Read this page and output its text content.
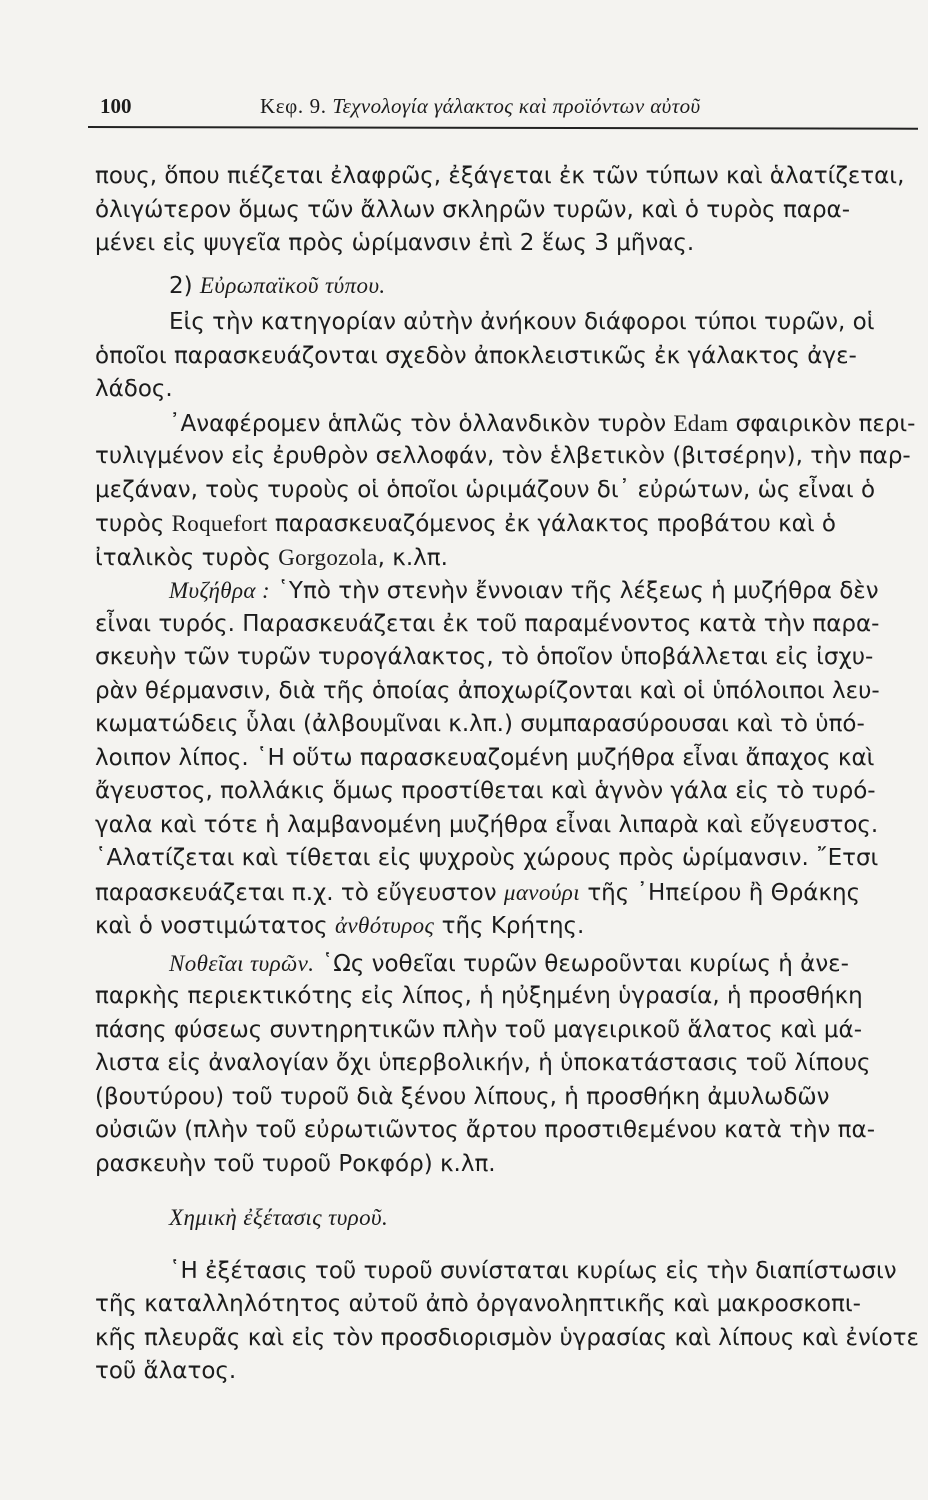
100	Κεφ. 9. Τεχνολογία γάλακτος καὶ προϊόντων αὐτοῦ
πους, ὅπου πιέζεται ἐλαφρῶς, ἐξάγεται ἐκ τῶν τύπων καὶ ἁλατίζεται,
ὀλιγώτερον ὅμως τῶν ἄλλων σκληρῶν τυρῶν, καὶ ὁ τυρὸς παρα-
μένει εἰς ψυγεῖα πρὸς ὡρίμανσιν ἐπὶ 2 ἕως 3 μῆνας.
2) Εὐρωπαϊκοῦ τύπου.
Εἰς τὴν κατηγορίαν αὐτὴν ἀνήκουν διάφοροι τύποι τυρῶν, οἱ
ὁποῖοι παρασκευάζονται σχεδὸν ἀποκλειστικῶς ἐκ γάλακτος ἀγε-
λάδος.
᾿Αναφέρομεν ἁπλῶς τὸν ὁλλανδικὸν τυρὸν Edam σφαιρικὸν περι-
τυλιγμένον εἰς ἐρυθρὸν σελλοφάν, τὸν ἑλβετικὸν (βιτσέρην), τὴν παρ-
μεζάναν, τοὺς τυροὺς οἱ ὁποῖοι ὡριμάζουν δι᾿ εὐρώτων, ὡς εἶναι ὁ
τυρὸς Roquefort παρασκευαζόμενος ἐκ γάλακτος προβάτου καὶ ὁ
ἰταλικὸς τυρὸς Gorgozola, κ.λπ.
Μυζήθρα : ῾Υπὸ τὴν στενὴν ἔννοιαν τῆς λέξεως ἡ μυζήθρα δὲν
εἶναι τυρός. Παρασκευάζεται ἐκ τοῦ παραμένοντος κατὰ τὴν παρα-
σκευὴν τῶν τυρῶν τυρογάλακτος, τὸ ὁποῖον ὑποβάλλεται εἰς ἰσχυ-
ρὰν θέρμανσιν, διὰ τῆς ὁποίας ἀποχωρίζονται καὶ οἱ ὑπόλοιποι λευ-
κωματώδεις ὗλαι (ἀλβουμῖναι κ.λπ.) συμπαρασύρουσαι καὶ τὸ ὑπό-
λοιπον λίπος. ῾Η οὕτω παρασκευαζομένη μυζήθρα εἶναι ἄπαχος καὶ
ἄγευστος, πολλάκις ὅμως προστίθεται καὶ ἁγνὸν γάλα εἰς τὸ τυρό-
γαλα καὶ τότε ἡ λαμβανομένη μυζήθρα εἶναι λιπαρὰ καὶ εὔγευστος.
῾Αλατίζεται καὶ τίθεται εἰς ψυχροὺς χώρους πρὸς ὡρίμανσιν. ῎Ετσι
παρασκευάζεται π.χ. τὸ εὔγευστον μανούρι τῆς ᾿Ηπείρου ἢ Θράκης
καὶ ὁ νοστιμώτατος ἀνθότυρος τῆς Κρήτης.
Νοθεῖαι τυρῶν. ῾Ως νοθεῖαι τυρῶν θεωροῦνται κυρίως ἡ ἀνε-
παρκὴς περιεκτικότης εἰς λίπος, ἡ ηὐξημένη ὑγρασία, ἡ προσθήκη
πάσης φύσεως συντηρητικῶν πλὴν τοῦ μαγειρικοῦ ἅλατος καὶ μά-
λιστα εἰς ἀναλογίαν ὄχι ὑπερβολικήν, ἡ ὑποκατάστασις τοῦ λίπους
(βουτύρου) τοῦ τυροῦ διὰ ξένου λίπους, ἡ προσθήκη ἀμυλωδῶν
οὐσιῶν (πλὴν τοῦ εὐρωτιῶντος ἄρτου προστιθεμένου κατὰ τὴν πα-
ρασκευὴν τοῦ τυροῦ Ροκφόρ) κ.λπ.
Χημικὴ ἐξέτασις τυροῦ.
῾Η ἐξέτασις τοῦ τυροῦ συνίσταται κυρίως εἰς τὴν διαπίστωσιν
τῆς καταλληλότητος αὐτοῦ ἀπὸ ὀργανοληπτικῆς καὶ μακροσκοπι-
κῆς πλευρᾶς καὶ εἰς τὸν προσδιορισμὸν ὑγρασίας καὶ λίπους καὶ ἐνίοτε
τοῦ ἅλατος.
